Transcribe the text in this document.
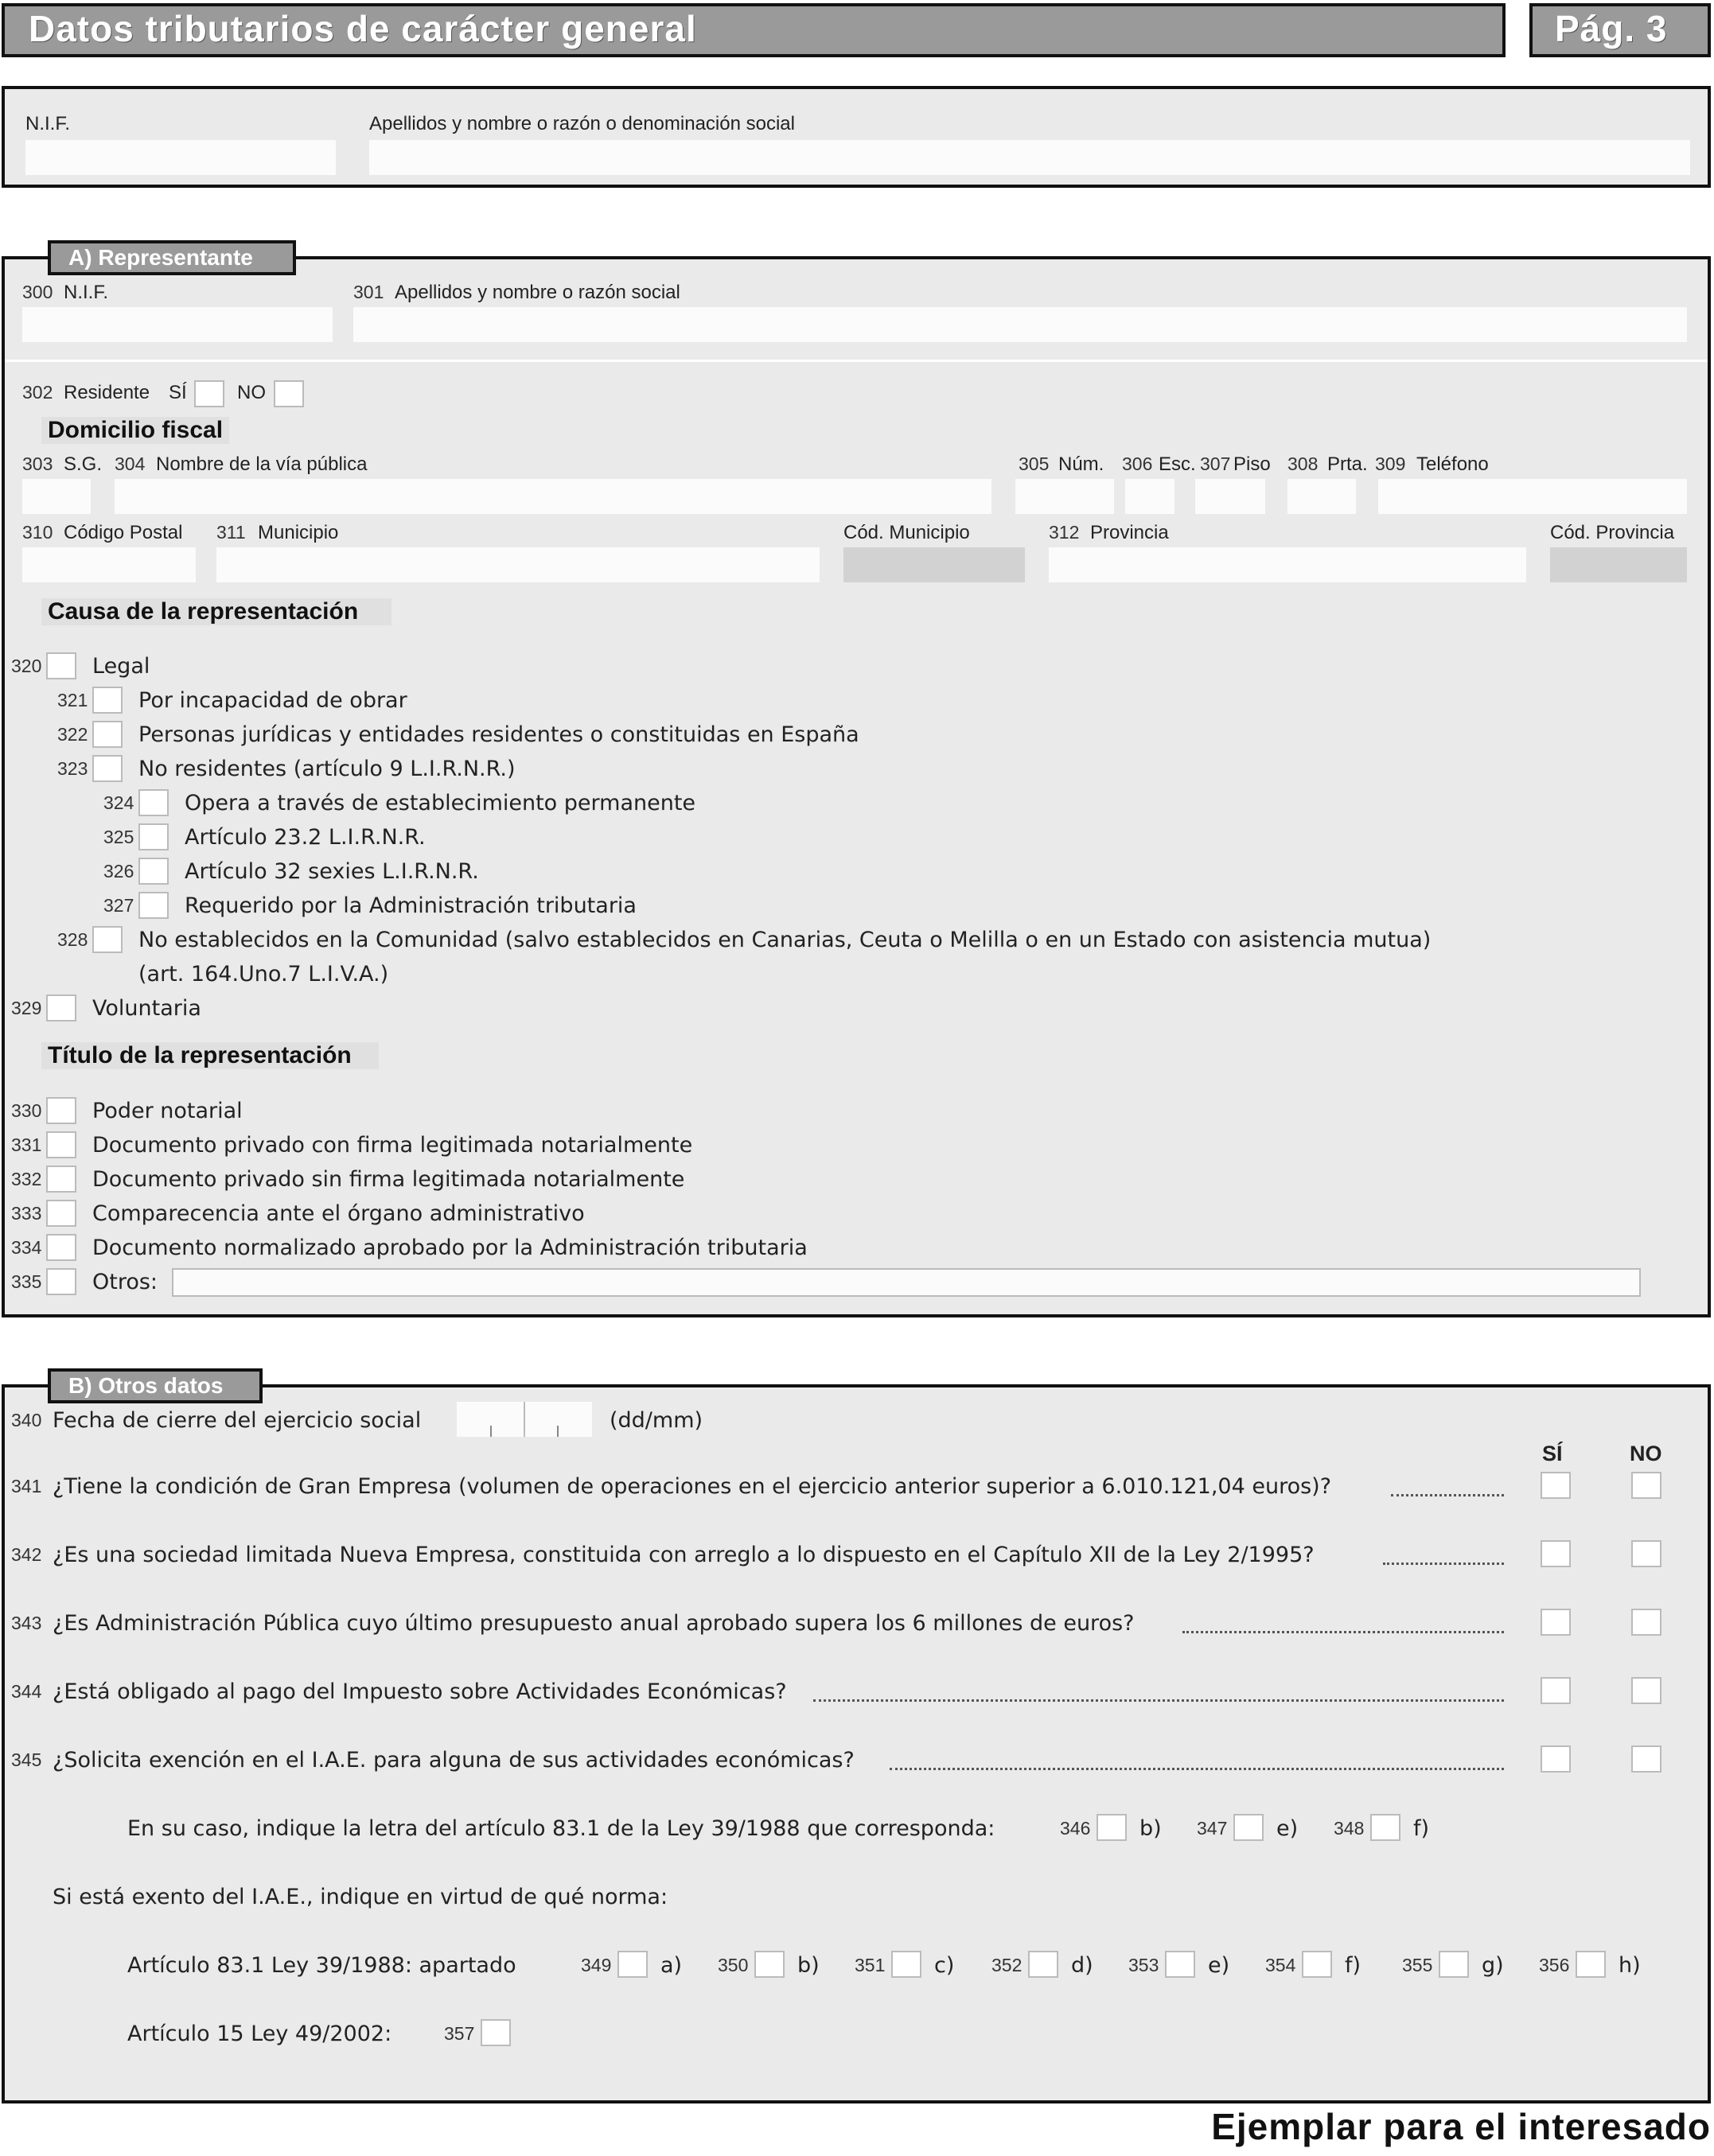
Datos tributarios de carácter general	Pág. 3
N.I.F.	Apellidos y nombre o razón o denominación social
A) Representante
300 N.I.F.	301 Apellidos y nombre o razón social
302 Residente SÍ	NO
Domicilio fiscal
303 S.G. 304 Nombre de la vía pública	305 Núm. 306 Esc. 307 Piso 308 Prta. 309 Teléfono
310 Código Postal 311 Municipio	Cód. Municipio	312 Provincia	Cód. Provincia
Causa de la representación
320 Legal
321 Por incapacidad de obrar
322 Personas jurídicas y entidades residentes o constituidas en España
323 No residentes (artículo 9 L.I.R.N.R.)
324 Opera a través de establecimiento permanente
325 Artículo 23.2 L.I.R.N.R.
326 Artículo 32 sexies L.I.R.N.R.
327 Requerido por la Administración tributaria
328 No establecidos en la Comunidad (salvo establecidos en Canarias, Ceuta o Melilla o en un Estado con asistencia mutua)
(art. 164.Uno.7 L.I.V.A.)
329 Voluntaria
Título de la representación
330 Poder notarial
331 Documento privado con firma legitimada notarialmente
332 Documento privado sin firma legitimada notarialmente
333 Comparecencia ante el órgano administrativo
334 Documento normalizado aprobado por la Administración tributaria
335 Otros:
B) Otros datos
340 Fecha de cierre del ejercicio social	(dd/mm)
SÍ	NO
341 ¿Tiene la condición de Gran Empresa (volumen de operaciones en el ejercicio anterior superior a 6.010.121,04 euros)?
342 ¿Es una sociedad limitada Nueva Empresa, constituida con arreglo a lo dispuesto en el Capítulo XII de la Ley 2/1995?
343 ¿Es Administración Pública cuyo último presupuesto anual aprobado supera los 6 millones de euros?
344 ¿Está obligado al pago del Impuesto sobre Actividades Económicas?
345 ¿Solicita exención en el I.A.E. para alguna de sus actividades económicas?
En su caso, indique la letra del artículo 83.1 de la Ley 39/1988 que corresponda:	346 b) 347 e) 348 f)
Si está exento del I.A.E., indique en virtud de qué norma:
Artículo 83.1 Ley 39/1988: apartado	349 a) 350 b) 351 c) 352 d) 353 e) 354 f) 355 g) 356 h)
Artículo 15 Ley 49/2002:	357
Ejemplar para el interesado
